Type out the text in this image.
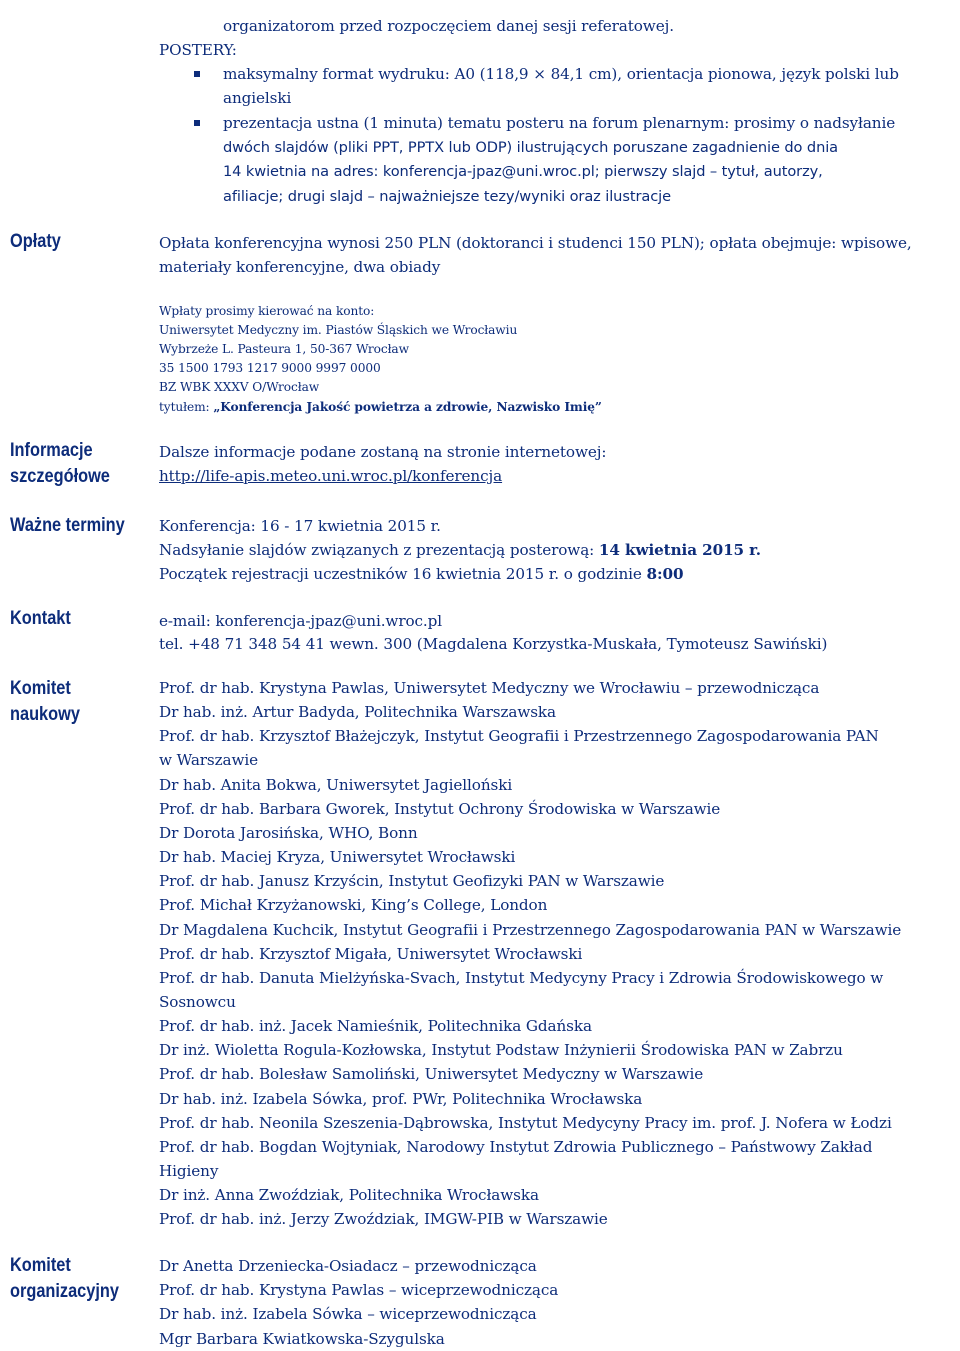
organizatorom przed rozpoczęciem danej sesji referatowej.
POSTERY:
maksymalny format wydruku: A0 (118,9 × 84,1 cm), orientacja pionowa, język polski lub
angielski
prezentacja ustna (1 minuta) tematu posteru na forum plenarnym: prosimy o nadsyłanie
dwóch slajdów (pliki PPT, PPTX lub ODP) ilustrujących poruszane zagadnienie do dnia
14 kwietnia na adres: konferencja-jpaz@uni.wroc.pl; pierwszy slajd – tytuł, autorzy,
afiliacje; drugi slajd – najważniejsze tezy/wyniki oraz ilustracje
Opłaty	Opłata konferencyjna wynosi 250 PLN (doktoranci i studenci 150 PLN); opłata obejmuje: wpisowe,
materiały konferencyjne, dwa obiady
Wpłaty prosimy kierować na konto:
Uniwersytet Medyczny im. Piastów Śląskich we Wrocławiu
Wybrzeże L. Pasteura 1, 50-367 Wrocław
35 1500 1793 1217 9000 9997 0000
BZ WBK XXXV O/Wrocław
tytułem: „Konferencja Jakość powietrza a zdrowie, Nazwisko Imię”
Informacje
szczegółowe
Dalsze informacje podane zostaną na stronie internetowej:
http://life-apis.meteo.uni.wroc.pl/konferencja
Ważne terminy Konferencja: 16 - 17 kwietnia 2015 r.
Nadsyłanie slajdów związanych z prezentacją posterową: 14 kwietnia 2015 r.
Początek rejestracji uczestników 16 kwietnia 2015 r. o godzinie 8:00
Kontakt	e-mail: konferencja-jpaz@uni.wroc.pl
tel. +48 71 348 54 41 wewn. 300 (Magdalena Korzystka-Muskała, Tymoteusz Sawiński)
Komitet
naukowy
Prof. dr hab. Krystyna Pawlas, Uniwersytet Medyczny we Wrocławiu – przewodnicząca
Dr hab. inż. Artur Badyda, Politechnika Warszawska
Prof. dr hab. Krzysztof Błażejczyk, Instytut Geografii i Przestrzennego Zagospodarowania PAN
w Warszawie
Dr hab. Anita Bokwa, Uniwersytet Jagielloński
Prof. dr hab. Barbara Gworek, Instytut Ochrony Środowiska w Warszawie
Dr Dorota Jarosińska, WHO, Bonn
Dr hab. Maciej Kryza, Uniwersytet Wrocławski
Prof. dr hab. Janusz Krzyścin, Instytut Geofizyki PAN w Warszawie
Prof. Michał Krzyżanowski, King’s College, London
Dr Magdalena Kuchcik, Instytut Geografii i Przestrzennego Zagospodarowania PAN w Warszawie
Prof. dr hab. Krzysztof Migała, Uniwersytet Wrocławski
Prof. dr hab. Danuta Mielżyńska-Svach, Instytut Medycyny Pracy i Zdrowia Środowiskowego w
Sosnowcu
Prof. dr hab. inż. Jacek Namieśnik, Politechnika Gdańska
Dr inż. Wioletta Rogula-Kozłowska, Instytut Podstaw Inżynierii Środowiska PAN w Zabrzu
Prof. dr hab. Bolesław Samoliński, Uniwersytet Medyczny w Warszawie
Dr hab. inż. Izabela Sówka, prof. PWr, Politechnika Wrocławska
Prof. dr hab. Neonila Szeszenia-Dąbrowska, Instytut Medycyny Pracy im. prof. J. Nofera w Łodzi
Prof. dr hab. Bogdan Wojtyniak, Narodowy Instytut Zdrowia Publicznego – Państwowy Zakład
Higieny
Dr inż. Anna Zwoździak, Politechnika Wrocławska
Prof. dr hab. inż. Jerzy Zwoździak, IMGW-PIB w Warszawie
Komitet
organizacyjny
Dr Anetta Drzeniecka-Osiadacz – przewodnicząca
Prof. dr hab. Krystyna Pawlas – wiceprzewodnicząca
Dr hab. inż. Izabela Sówka – wiceprzewodnicząca
Mgr Barbara Kwiatkowska-Szygulska
